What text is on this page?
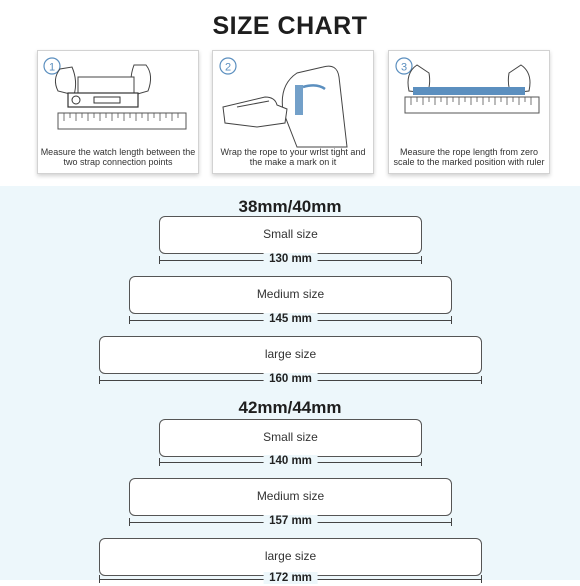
SIZE CHART
1
Measure the watch length between the two strap connection points
2
Wrap the rope to your wrlst tight and the make a mark on it
3
Measure the rope length from zero scale to the marked position with ruler
38mm/40mm
Small size
130 mm
Medium size
145 mm
large size
160 mm
42mm/44mm
Small size
140 mm
Medium size
157 mm
large size
172 mm
